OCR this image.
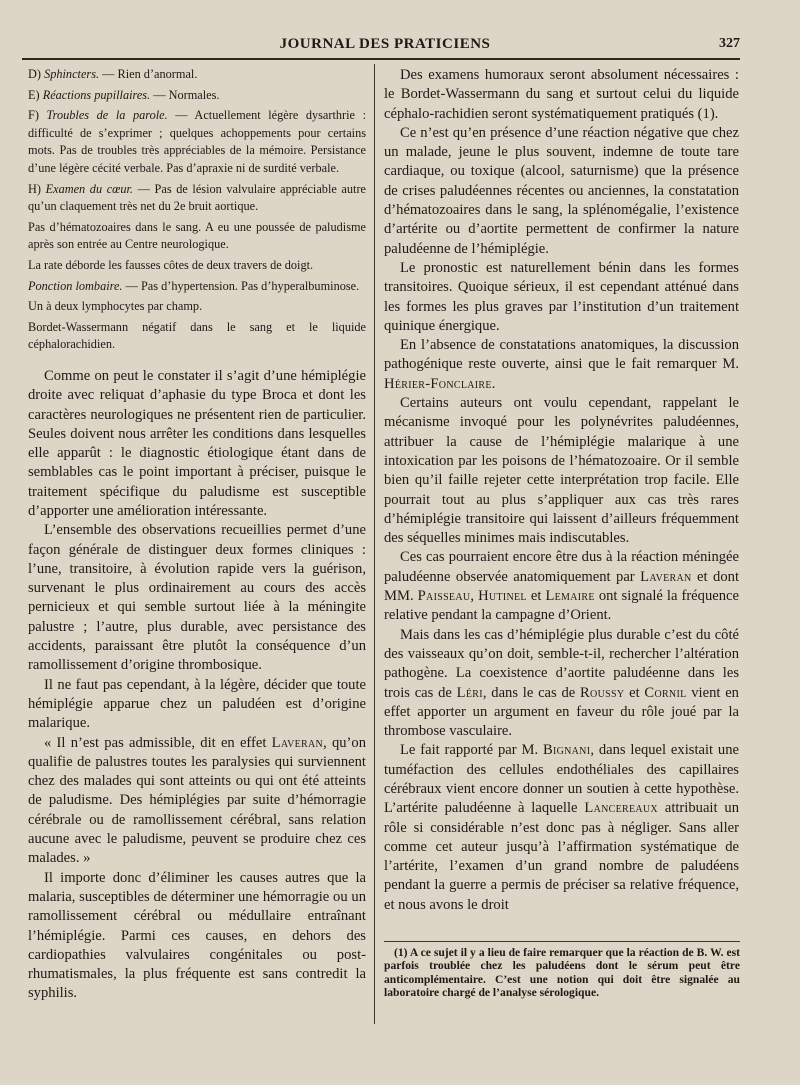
JOURNAL DES PRATICIENS	327

D) Sphincters. — Rien d’anormal.

E) Réactions pupillaires. — Normales.

F) Troubles de la parole. — Actuellement légère dysarthrie : difficulté de s’exprimer ; quelques achoppements pour certains mots. Pas de troubles très appréciables de la mémoire. Persistance d’une légère cécité verbale. Pas d’apraxie ni de surdité verbale.

H) Examen du cœur. — Pas de lésion valvulaire appréciable autre qu’un claquement très net du 2e bruit aortique.

Pas d’hématozoaires dans le sang. A eu une poussée de paludisme après son entrée au Centre neurologique.

La rate déborde les fausses côtes de deux travers de doigt.

Ponction lombaire. — Pas d’hypertension. Pas d’hyperalbuminose.

Un à deux lymphocytes par champ.

Bordet-Wassermann négatif dans le sang et le liquide céphalorachidien.

Comme on peut le constater il s’agit d’une hémiplégie droite avec reliquat d’aphasie du type Broca et dont les caractères neurologiques ne présentent rien de particulier. Seules doivent nous arrêter les conditions dans lesquelles elle apparût : le diagnostic étiologique étant dans de semblables cas le point important à préciser, puisque le traitement spécifique du paludisme est susceptible d’apporter une amélioration intéressante.

L’ensemble des observations recueillies permet d’une façon générale de distinguer deux formes cliniques : l’une, transitoire, à évolution rapide vers la guérison, survenant le plus ordinairement au cours des accès pernicieux et qui semble surtout liée à la méningite palustre ; l’autre, plus durable, avec persistance des accidents, paraissant être plutôt la conséquence d’un ramollissement d’origine thrombosique.

Il ne faut pas cependant, à la légère, décider que toute hémiplégie apparue chez un paludéen est d’origine malarique.

« Il n’est pas admissible, dit en effet Laveran, qu’on qualifie de palustres toutes les paralysies qui surviennent chez des malades qui sont atteints ou qui ont été atteints de paludisme. Des hémiplégies par suite d’hémorragie cérébrale ou de ramollissement cérébral, sans relation aucune avec le paludisme, peuvent se produire chez ces malades. »

Il importe donc d’éliminer les causes autres que la malaria, susceptibles de déterminer une hémorragie ou un ramollissement cérébral ou médullaire entraînant l’hémiplégie. Parmi ces causes, en dehors des cardiopathies valvulaires congénitales ou post-rhumatismales, la plus fréquente est sans contredit la syphilis.

Des examens humoraux seront absolument nécessaires : le Bordet-Wassermann du sang et surtout celui du liquide céphalo-rachidien seront systématiquement pratiqués (1).

Ce n’est qu’en présence d’une réaction négative que chez un malade, jeune le plus souvent, indemne de toute tare cardiaque, ou toxique (alcool, saturnisme) que la présence de crises paludéennes récentes ou anciennes, la constatation d’hématozoaires dans le sang, la splénomégalie, l’existence d’artérite ou d’aortite permettent de confirmer la nature paludéenne de l’hémiplégie.

Le pronostic est naturellement bénin dans les formes transitoires. Quoique sérieux, il est cependant atténué dans les formes les plus graves par l’institution d’un traitement quinique énergique.

En l’absence de constatations anatomiques, la discussion pathogénique reste ouverte, ainsi que le fait remarquer M. Hérier-Fonclaire.

Certains auteurs ont voulu cependant, rappelant le mécanisme invoqué pour les polynévrites paludéennes, attribuer la cause de l’hémiplégie malarique à une intoxication par les poisons de l’hématozoaire. Or il semble bien qu’il faille rejeter cette interprétation trop facile. Elle pourrait tout au plus s’appliquer aux cas très rares d’hémiplégie transitoire qui laissent d’ailleurs fréquemment des séquelles minimes mais indiscutables.

Ces cas pourraient encore être dus à la réaction méningée paludéenne observée anatomiquement par Laveran et dont MM. Paisseau, Hutinel et Lemaire ont signalé la fréquence relative pendant la campagne d’Orient.

Mais dans les cas d’hémiplégie plus durable c’est du côté des vaisseaux qu’on doit, semble-t-il, rechercher l’altération pathogène. La coexistence d’aortite paludéenne dans les trois cas de Léri, dans le cas de Roussy et Cornil vient en effet apporter un argument en faveur du rôle joué par la thrombose vasculaire.

Le fait rapporté par M. Bignani, dans lequel existait une tuméfaction des cellules endothéliales des capillaires cérébraux vient encore donner un soutien à cette hypothèse. L’artérite paludéenne à laquelle Lancereaux attribuait un rôle si considérable n’est donc pas à négliger. Sans aller comme cet auteur jusqu’à l’affirmation systématique de l’artérite, l’examen d’un grand nombre de paludéens pendant la guerre a permis de préciser sa relative fréquence, et nous avons le droit

(1) A ce sujet il y a lieu de faire remarquer que la réaction de B. W. est parfois troublée chez les paludéens dont le sérum peut être anticomplémentaire. C’est une notion qui doit être signalée au laboratoire chargé de l’analyse sérologique.
